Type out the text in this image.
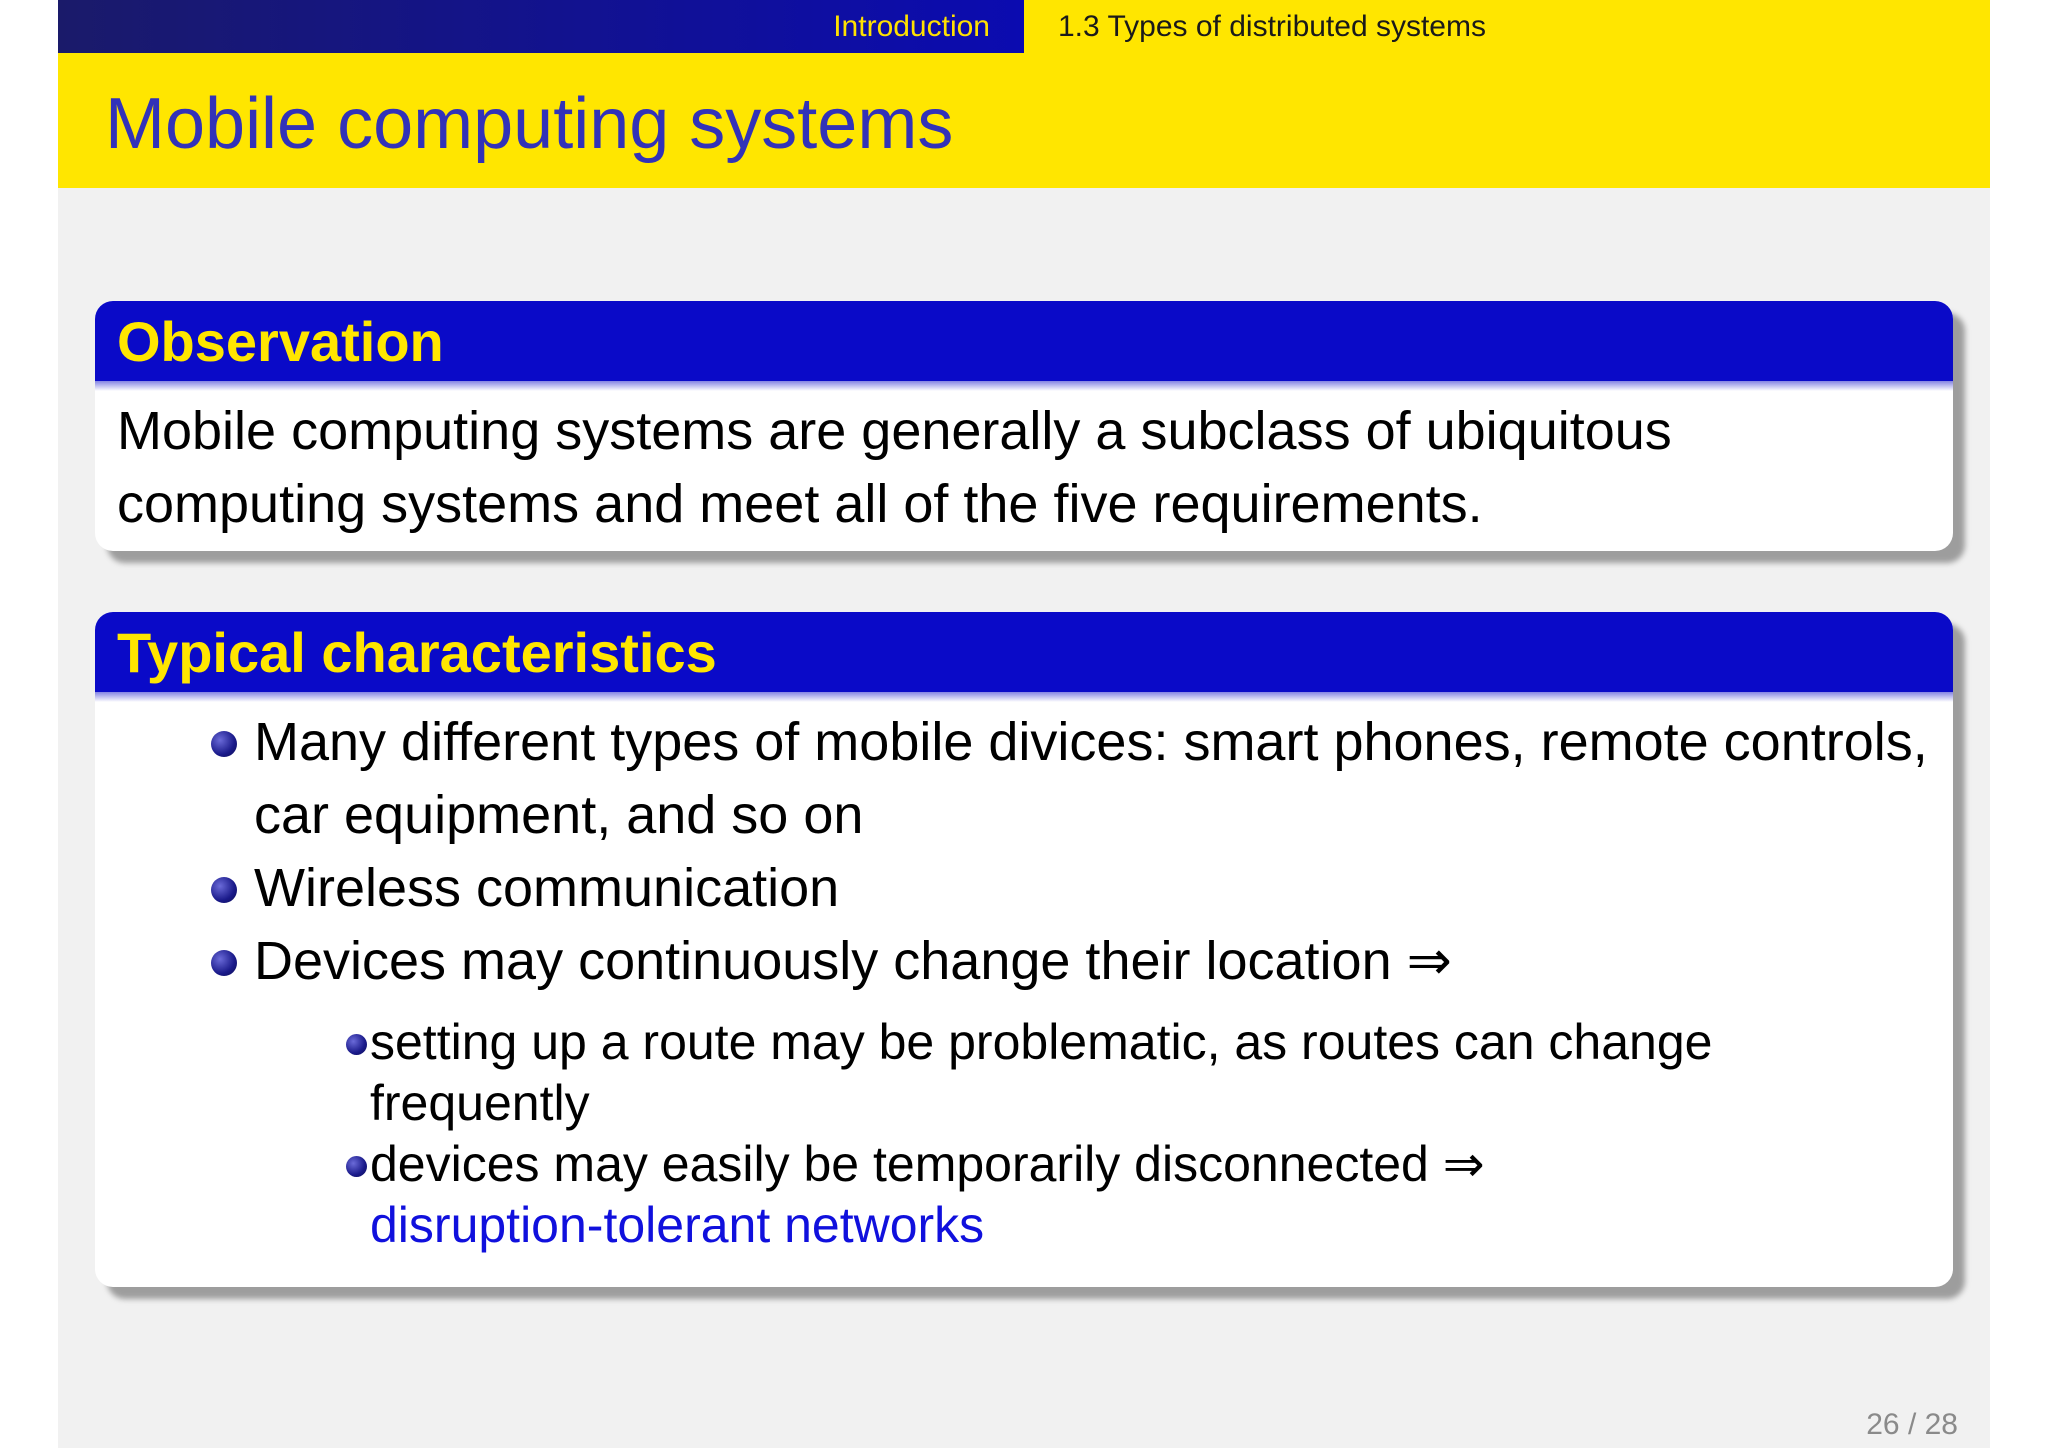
Introduction 1.3 Types of distributed systems
Mobile computing systems
Observation
Mobile computing systems are generally a subclass of ubiquitous computing systems and meet all of the five requirements.
Typical characteristics
Many different types of mobile divices: smart phones, remote controls, car equipment, and so on
Wireless communication
Devices may continuously change their location ⇒
setting up a route may be problematic, as routes can change frequently
devices may easily be temporarily disconnected ⇒
disruption-tolerant networks
26 / 28
